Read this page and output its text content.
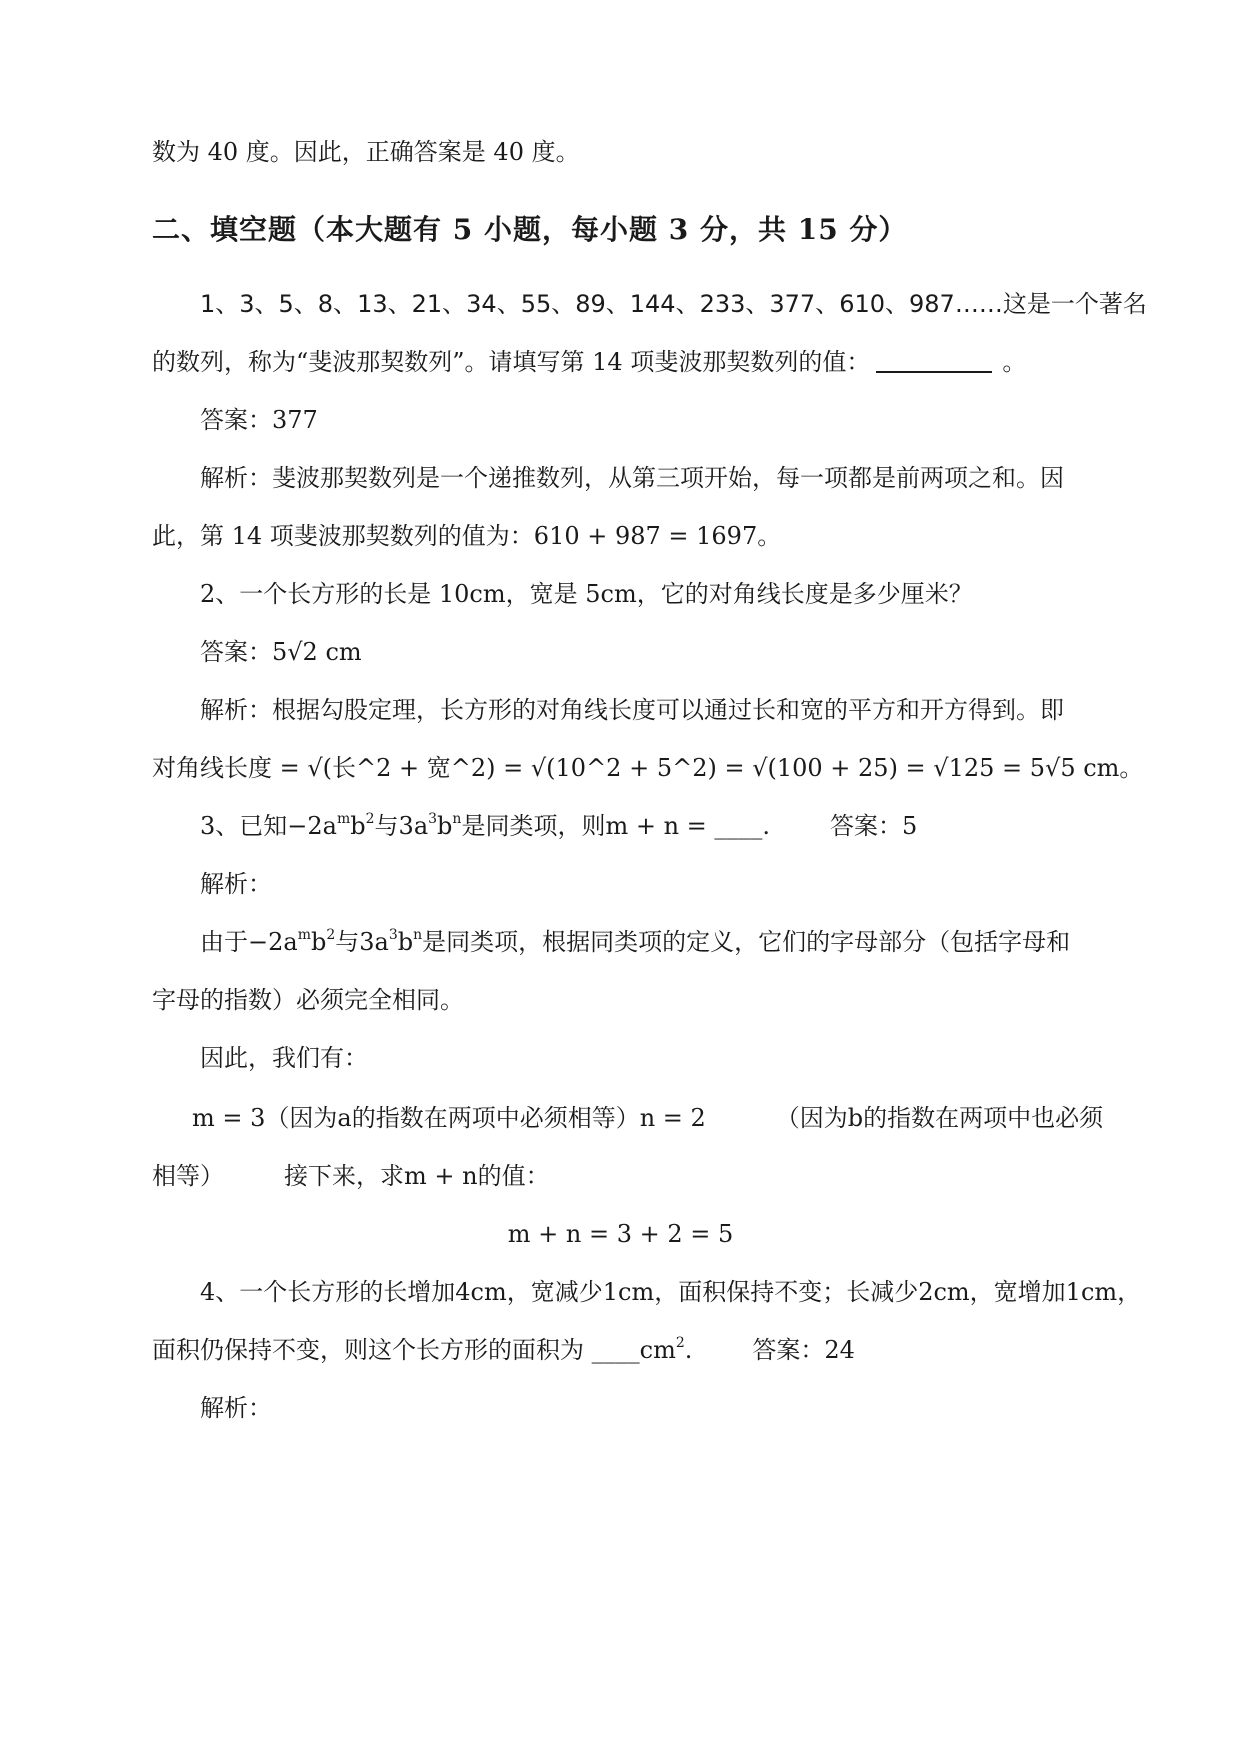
数为 40 度。因此，正确答案是 40 度。
二、填空题（本大题有 5 小题，每小题 3 分，共 15 分）
1、3、5、8、13、21、34、55、89、144、233、377、610、987……这是一个著名
的数列，称为“斐波那契数列”。请填写第 14 项斐波那契数列的值：	。
答案：377
解析：斐波那契数列是一个递推数列，从第三项开始，每一项都是前两项之和。因
此，第 14 项斐波那契数列的值为：610 + 987 = 1697。
2、一个长方形的长是 10cm，宽是 5cm，它的对角线长度是多少厘米？
答案：5√2 cm
解析：根据勾股定理，长方形的对角线长度可以通过长和宽的平方和开方得到。即
对角线长度 = √(长^2 + 宽^2) = √(10^2 + 5^2) = √(100 + 25) = √125 = 5√5 cm。
3、已知$-2a^mb^2$与$3a^3b^n$是同类项，则m + n = ____.	答案：5
解析：
由于$-2a^mb^2$与$3a^3b^n$是同类项，根据同类项的定义，它们的字母部分（包括字母和
字母的指数）必须完全相同。
因此，我们有：
m = 3（因为a的指数在两项中必须相等）n = 2	（因为b的指数在两项中也必须
相等）	接下来，求m + n的值：
m + n = 3 + 2 = 5
4、一个长方形的长增加4cm，宽减少1cm，面积保持不变；长减少2cm，宽增加1cm，
面积仍保持不变，则这个长方形的面积为 $\_\_\_\_cm^2$.	答案：24
解析：
